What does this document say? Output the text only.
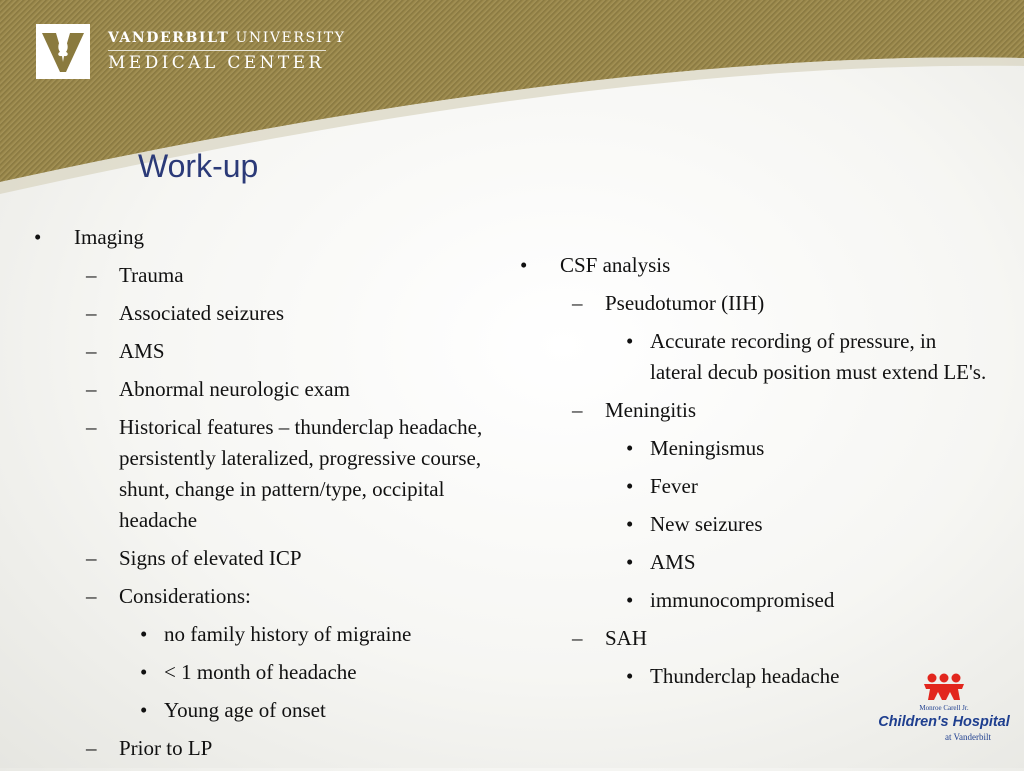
VANDERBILT UNIVERSITY
MEDICAL CENTER
Work-up
• Imaging
– Trauma
– Associated seizures
– AMS
– Abnormal neurologic exam
– Historical features – thunderclap headache, persistently lateralized, progressive course, shunt, change in pattern/type, occipital headache
– Signs of elevated ICP
– Considerations:
• no family history of migraine
• < 1 month of headache
• Young age of onset
– Prior to LP
• CSF analysis
– Pseudotumor (IIH)
• Accurate recording of pressure, in lateral decub position must extend LE's.
– Meningitis
• Meningismus
• Fever
• New seizures
• AMS
• immunocompromised
– SAH
• Thunderclap headache
Monroe Carell Jr.
Children's Hospital
at Vanderbilt
